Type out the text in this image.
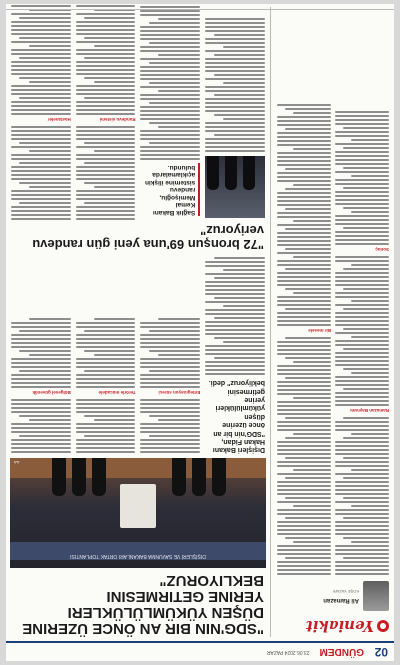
02
GÜNDEM
23.06.2024 PAZAR
Yeniakit
Ali Ramazan
KÖŞE YAZARI
Ramazan Bayramı
Sonuç
Bir mesele
"SDG'NIN BIR AN ÖNCE ÜZERINE DÜŞEN YÜKÜMLÜLÜKLERI YERINE GETIRMESINI BEKLIYORUZ"
DIŞİŞLERİ VE SAVUNMA BAKANLARI ORTAK TOPLANTISI
AA
Dışişleri Bakanı Hakan Fidan, "SDG'nin bir an önce üzerine düşen yükümlülükleri yerine getirmesini bekliyoruz" dedi.
Entegrasyon süreci
Terörle mücadele
Bölgesel güvenlik
"72 bronşun 69'una yeni gün randevu veriyoruz"
Sağlık Bakanı Kemal Memişoğlu, randevu sistemine ilişkin açıklamalarda bulundu.
Randevu sistemi
Hastaneler
